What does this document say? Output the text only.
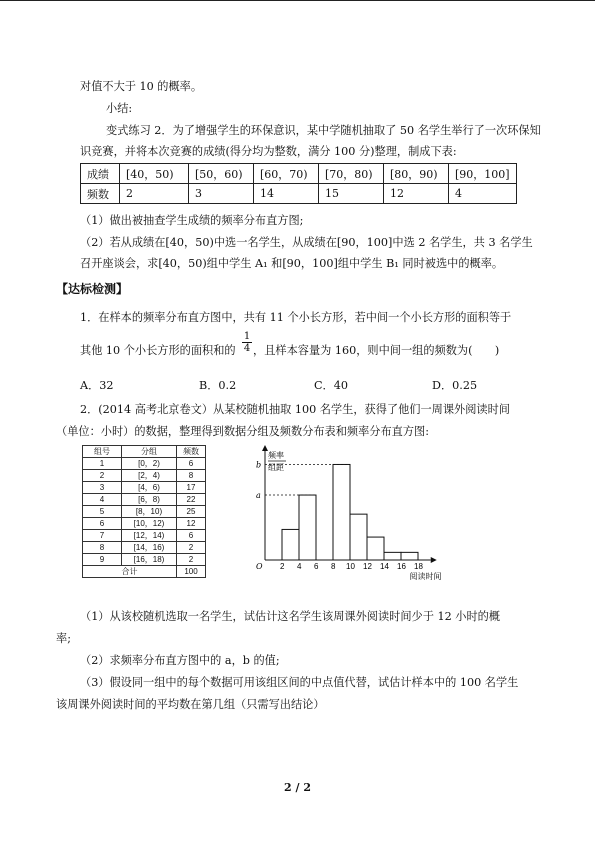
对值不大于 10 的概率。
小结:
变式练习 2．为了增强学生的环保意识，某中学随机抽取了 50 名学生举行了一次环保知
识竞赛，并将本次竞赛的成绩(得分均为整数，满分 100 分)整理，制成下表:
成绩	[40，50)	[50，60)	[60，70)	[70，80)	[80，90)	[90，100]
频数	2	3	14	15	12	4
（1）做出被抽查学生成绩的频率分布直方图;
（2）若从成绩在[40，50)中选一名学生，从成绩在[90，100]中选 2 名学生，共 3 名学生
召开座谈会，求[40，50)组中学生 A₁ 和[90，100]组中学生 B₁ 同时被选中的概率。
【达标检测】
1．在样本的频率分布直方图中，共有 11 个小长方形，若中间一个小长方形的面积等于
其他 10 个小长方形的面积和的 $\frac{1}{4}$ ，且样本容量为 160，则中间一组的频数为(　　)
A．32	B．0.2	C．40	D．0.25
2．(2014 高考北京卷文）从某校随机抽取 100 名学生，获得了他们一周课外阅读时间
（单位：小时）的数据，整理得到数据分组及频数分布表和频率分布直方图:
组号	分组	频数
1	[0，2)	6
2	[2，4)	8
3	[4，6)	17
4	[6，8)	22
5	[8，10)	25
6	[10，12)	12
7	[12，14)	6
8	[14，16)	2
9	[16，18)	2
合计		100
频率
组距
a
b
O 2 4 6 8 10 12 14 16 18
阅读时间
（1）从该校随机选取一名学生，试估计这名学生该周课外阅读时间少于 12 小时的概
率;
（2）求频率分布直方图中的 a，b 的值;
（3）假设同一组中的每个数据可用该组区间的中点值代替，试估计样本中的 100 名学生
该周课外阅读时间的平均数在第几组（只需写出结论）
2 / 2
